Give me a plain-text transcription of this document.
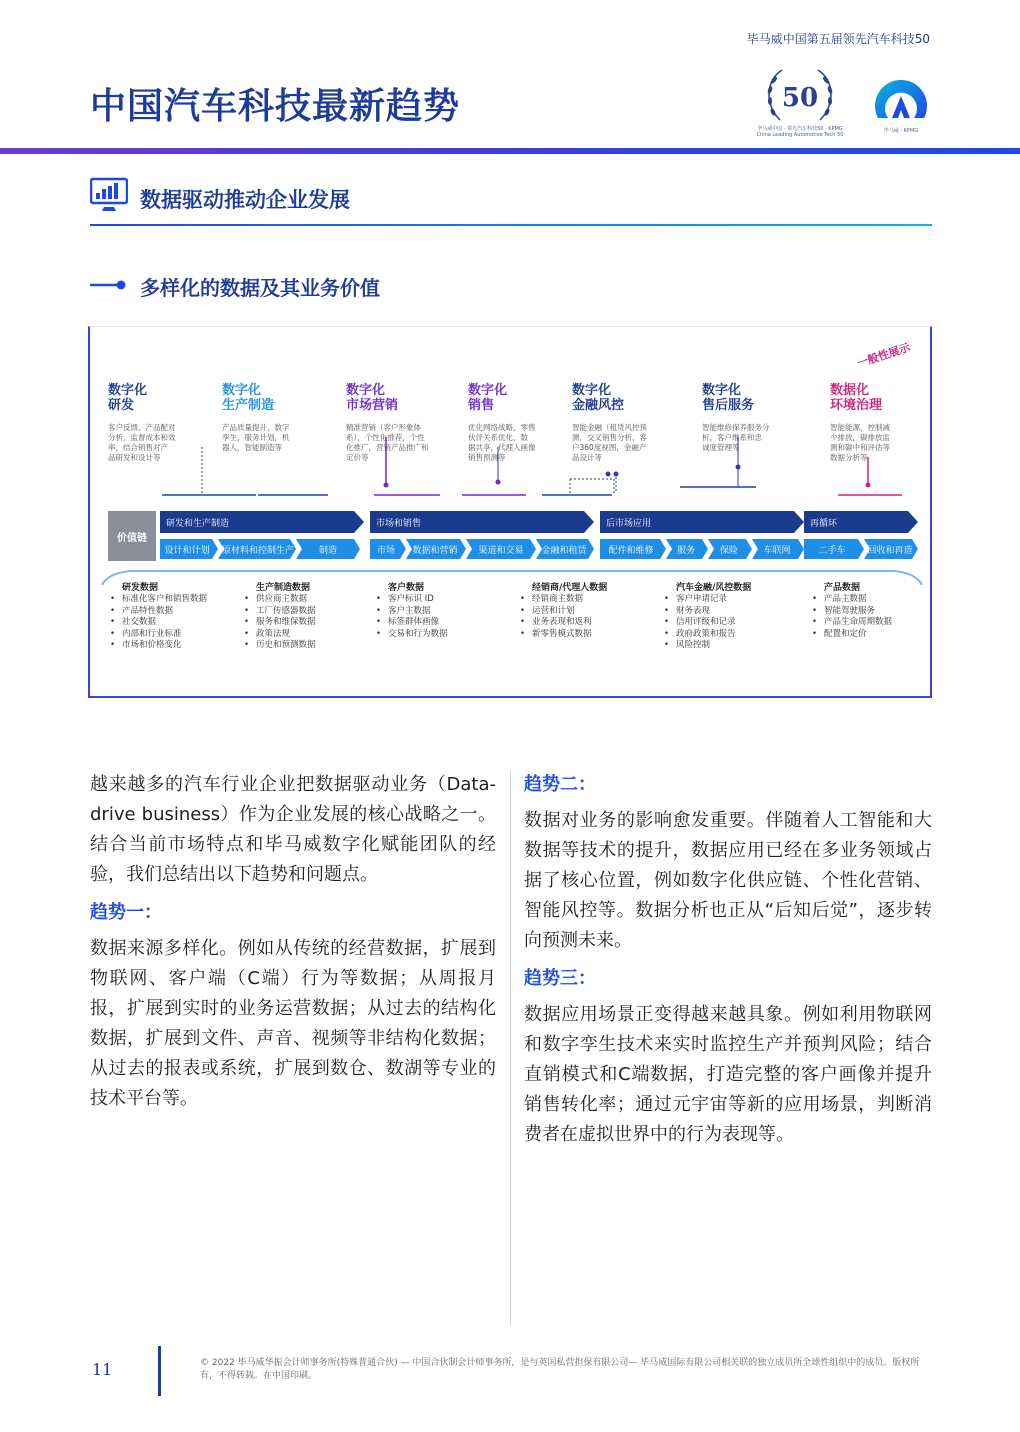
毕马威中国第五届领先汽车科技50
中国汽车科技最新趋势	50
毕马威中国 · 领先汽车科技50 · KPMG China Leading Automotive Tech 50
毕马威 · KPMG
数据驱动推动企业发展
多样化的数据及其业务价值
一般性展示
数字化
研发
客户反馈、产品配对
分析，监督成本和效
率，结合销售对产
品研发和设计等
数字化
生产制造
产品质量提升，数字
孪生，服务计划，机
器人，智能制造等
数字化
市场营销
精准营销（客户形象体
系），个性化推荐，个性
化推广，营销产品推广和
定价等
数字化
销售
优化网络战略，零售
伙伴关系优化，数
据共享，代理人画像
销售预测等
数字化
金融风控
智能金融（租赁风控预
测，交叉销售分析，客
户360度视图，金融产
品设计等
数字化
售后服务
智能维修保养服务分
析，客户维系和忠
诚度管理等
数据化
环境治理
智能能源，控制减
少排放，碳排放监
测和碳中和评估等
数据分析等
价值链
研发和生产制造	市场和销售	后市场应用	再循环
设计和计划	原材料和控制生产	制造	市场	数据和营销	渠道和交易	金融和租赁	配件和维修	服务	保险	车联网	二手车	回收和再造
研发数据
• 标准化客户和销售数据
• 产品特性数据
• 社交数据
• 内部和行业标准
• 市场和价格变化
生产制造数据
• 供应商主数据
• 工厂传感器数据
• 服务和维保数据
• 政策法规
• 历史和预测数据
客户数据
• 客户标识 ID
• 客户主数据
• 标签群体画像
• 交易和行为数据
经销商/代理人数据
• 经销商主数据
• 运营和计划
• 业务表现和返利
• 新零售模式数据
汽车金融/风控数据
• 客户申请记录
• 财务表现
• 信用评级和记录
• 政府政策和报告
• 风险控制
产品数据
• 产品主数据
• 智能驾驶服务
• 产品生命周期数据
• 配置和定价

越来越多的汽车行业企业把数据驱动业务（Data-drive business）作为企业发展的核心战略之一。结合当前市场特点和毕马威数字化赋能团队的经验，我们总结出以下趋势和问题点。

趋势一：

数据来源多样化。例如从传统的经营数据，扩展到物联网、客户端（C端）行为等数据；从周报月报，扩展到实时的业务运营数据；从过去的结构化数据，扩展到文件、声音、视频等非结构化数据；从过去的报表或系统，扩展到数仓、数湖等专业的技术平台等。

趋势二：

数据对业务的影响愈发重要。伴随着人工智能和大数据等技术的提升，数据应用已经在多业务领域占据了核心位置，例如数字化供应链、个性化营销、智能风控等。数据分析也正从“后知后觉”，逐步转向预测未来。

趋势三：

数据应用场景正变得越来越具象。例如利用物联网和数字孪生技术来实时监控生产并预判风险；结合直销模式和C端数据，打造完整的客户画像并提升销售转化率；通过元宇宙等新的应用场景，判断消费者在虚拟世界中的行为表现等。

11	© 2022 毕马威华振会计师事务所(特殊普通合伙) — 中国合伙制会计师事务所，是与英国私营担保有限公司— 毕马威国际有限公司相关联的独立成员所全球性组织中的成员。版权所有，不得转载。在中国印刷。
